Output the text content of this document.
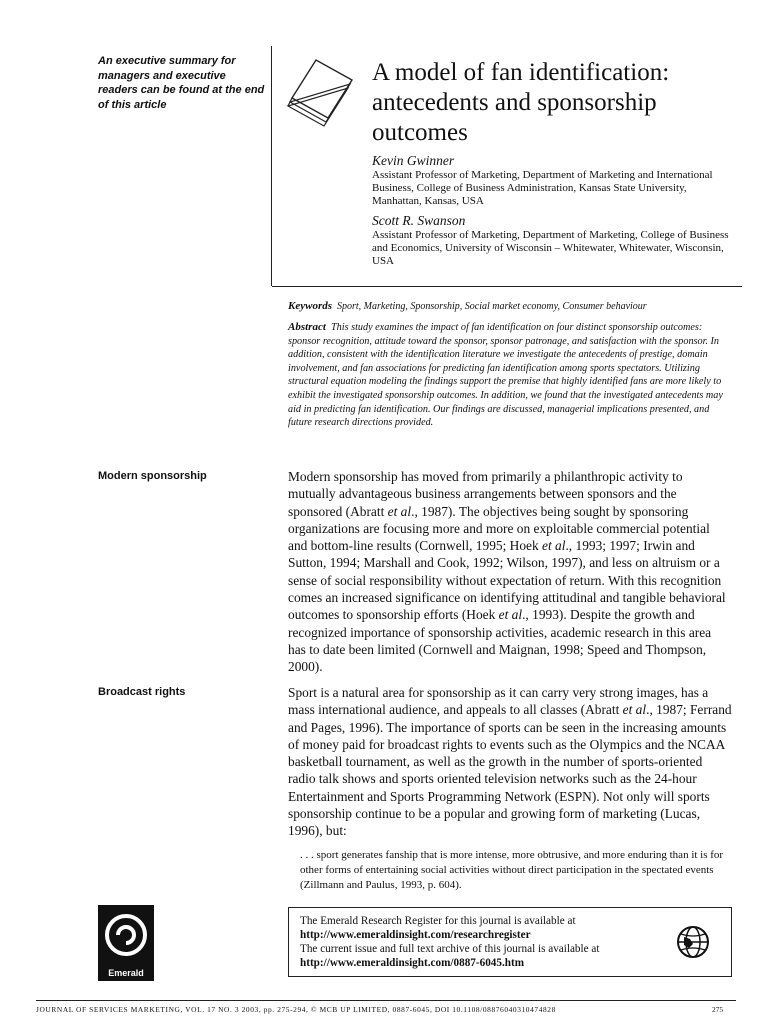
An executive summary for managers and executive readers can be found at the end of this article
A model of fan identification: antecedents and sponsorship outcomes
Kevin Gwinner
Assistant Professor of Marketing, Department of Marketing and International Business, College of Business Administration, Kansas State University, Manhattan, Kansas, USA
Scott R. Swanson
Assistant Professor of Marketing, Department of Marketing, College of Business and Economics, University of Wisconsin – Whitewater, Whitewater, Wisconsin, USA
Keywords Sport, Marketing, Sponsorship, Social market economy, Consumer behaviour
Abstract This study examines the impact of fan identification on four distinct sponsorship outcomes: sponsor recognition, attitude toward the sponsor, sponsor patronage, and satisfaction with the sponsor. In addition, consistent with the identification literature we investigate the antecedents of prestige, domain involvement, and fan associations for predicting fan identification among sports spectators. Utilizing structural equation modeling the findings support the premise that highly identified fans are more likely to exhibit the investigated sponsorship outcomes. In addition, we found that the investigated antecedents may aid in predicting fan identification. Our findings are discussed, managerial implications presented, and future research directions provided.
Modern sponsorship	Modern sponsorship has moved from primarily a philanthropic activity to mutually advantageous business arrangements between sponsors and the sponsored (Abratt et al., 1987). The objectives being sought by sponsoring organizations are focusing more and more on exploitable commercial potential and bottom-line results (Cornwell, 1995; Hoek et al., 1993; 1997; Irwin and Sutton, 1994; Marshall and Cook, 1992; Wilson, 1997), and less on altruism or a sense of social responsibility without expectation of return. With this recognition comes an increased significance on identifying attitudinal and tangible behavioral outcomes to sponsorship efforts (Hoek et al., 1993). Despite the growth and recognized importance of sponsorship activities, academic research in this area has to date been limited (Cornwell and Maignan, 1998; Speed and Thompson, 2000).
Broadcast rights	Sport is a natural area for sponsorship as it can carry very strong images, has a mass international audience, and appeals to all classes (Abratt et al., 1987; Ferrand and Pages, 1996). The importance of sports can be seen in the increasing amounts of money paid for broadcast rights to events such as the Olympics and the NCAA basketball tournament, as well as the growth in the number of sports-oriented radio talk shows and sports oriented television networks such as the 24-hour Entertainment and Sports Programming Network (ESPN). Not only will sports sponsorship continue to be a popular and growing form of marketing (Lucas, 1996), but:
. . . sport generates fanship that is more intense, more obtrusive, and more enduring than it is for other forms of entertaining social activities without direct participation in the spectated events (Zillmann and Paulus, 1993, p. 604).
Emerald
The Emerald Research Register for this journal is available at
http://www.emeraldinsight.com/researchregister
The current issue and full text archive of this journal is available at
http://www.emeraldinsight.com/0887-6045.htm
JOURNAL OF SERVICES MARKETING, VOL. 17 NO. 3 2003, pp. 275-294, © MCB UP LIMITED, 0887-6045, DOI 10.1108/08876040310474828	275
